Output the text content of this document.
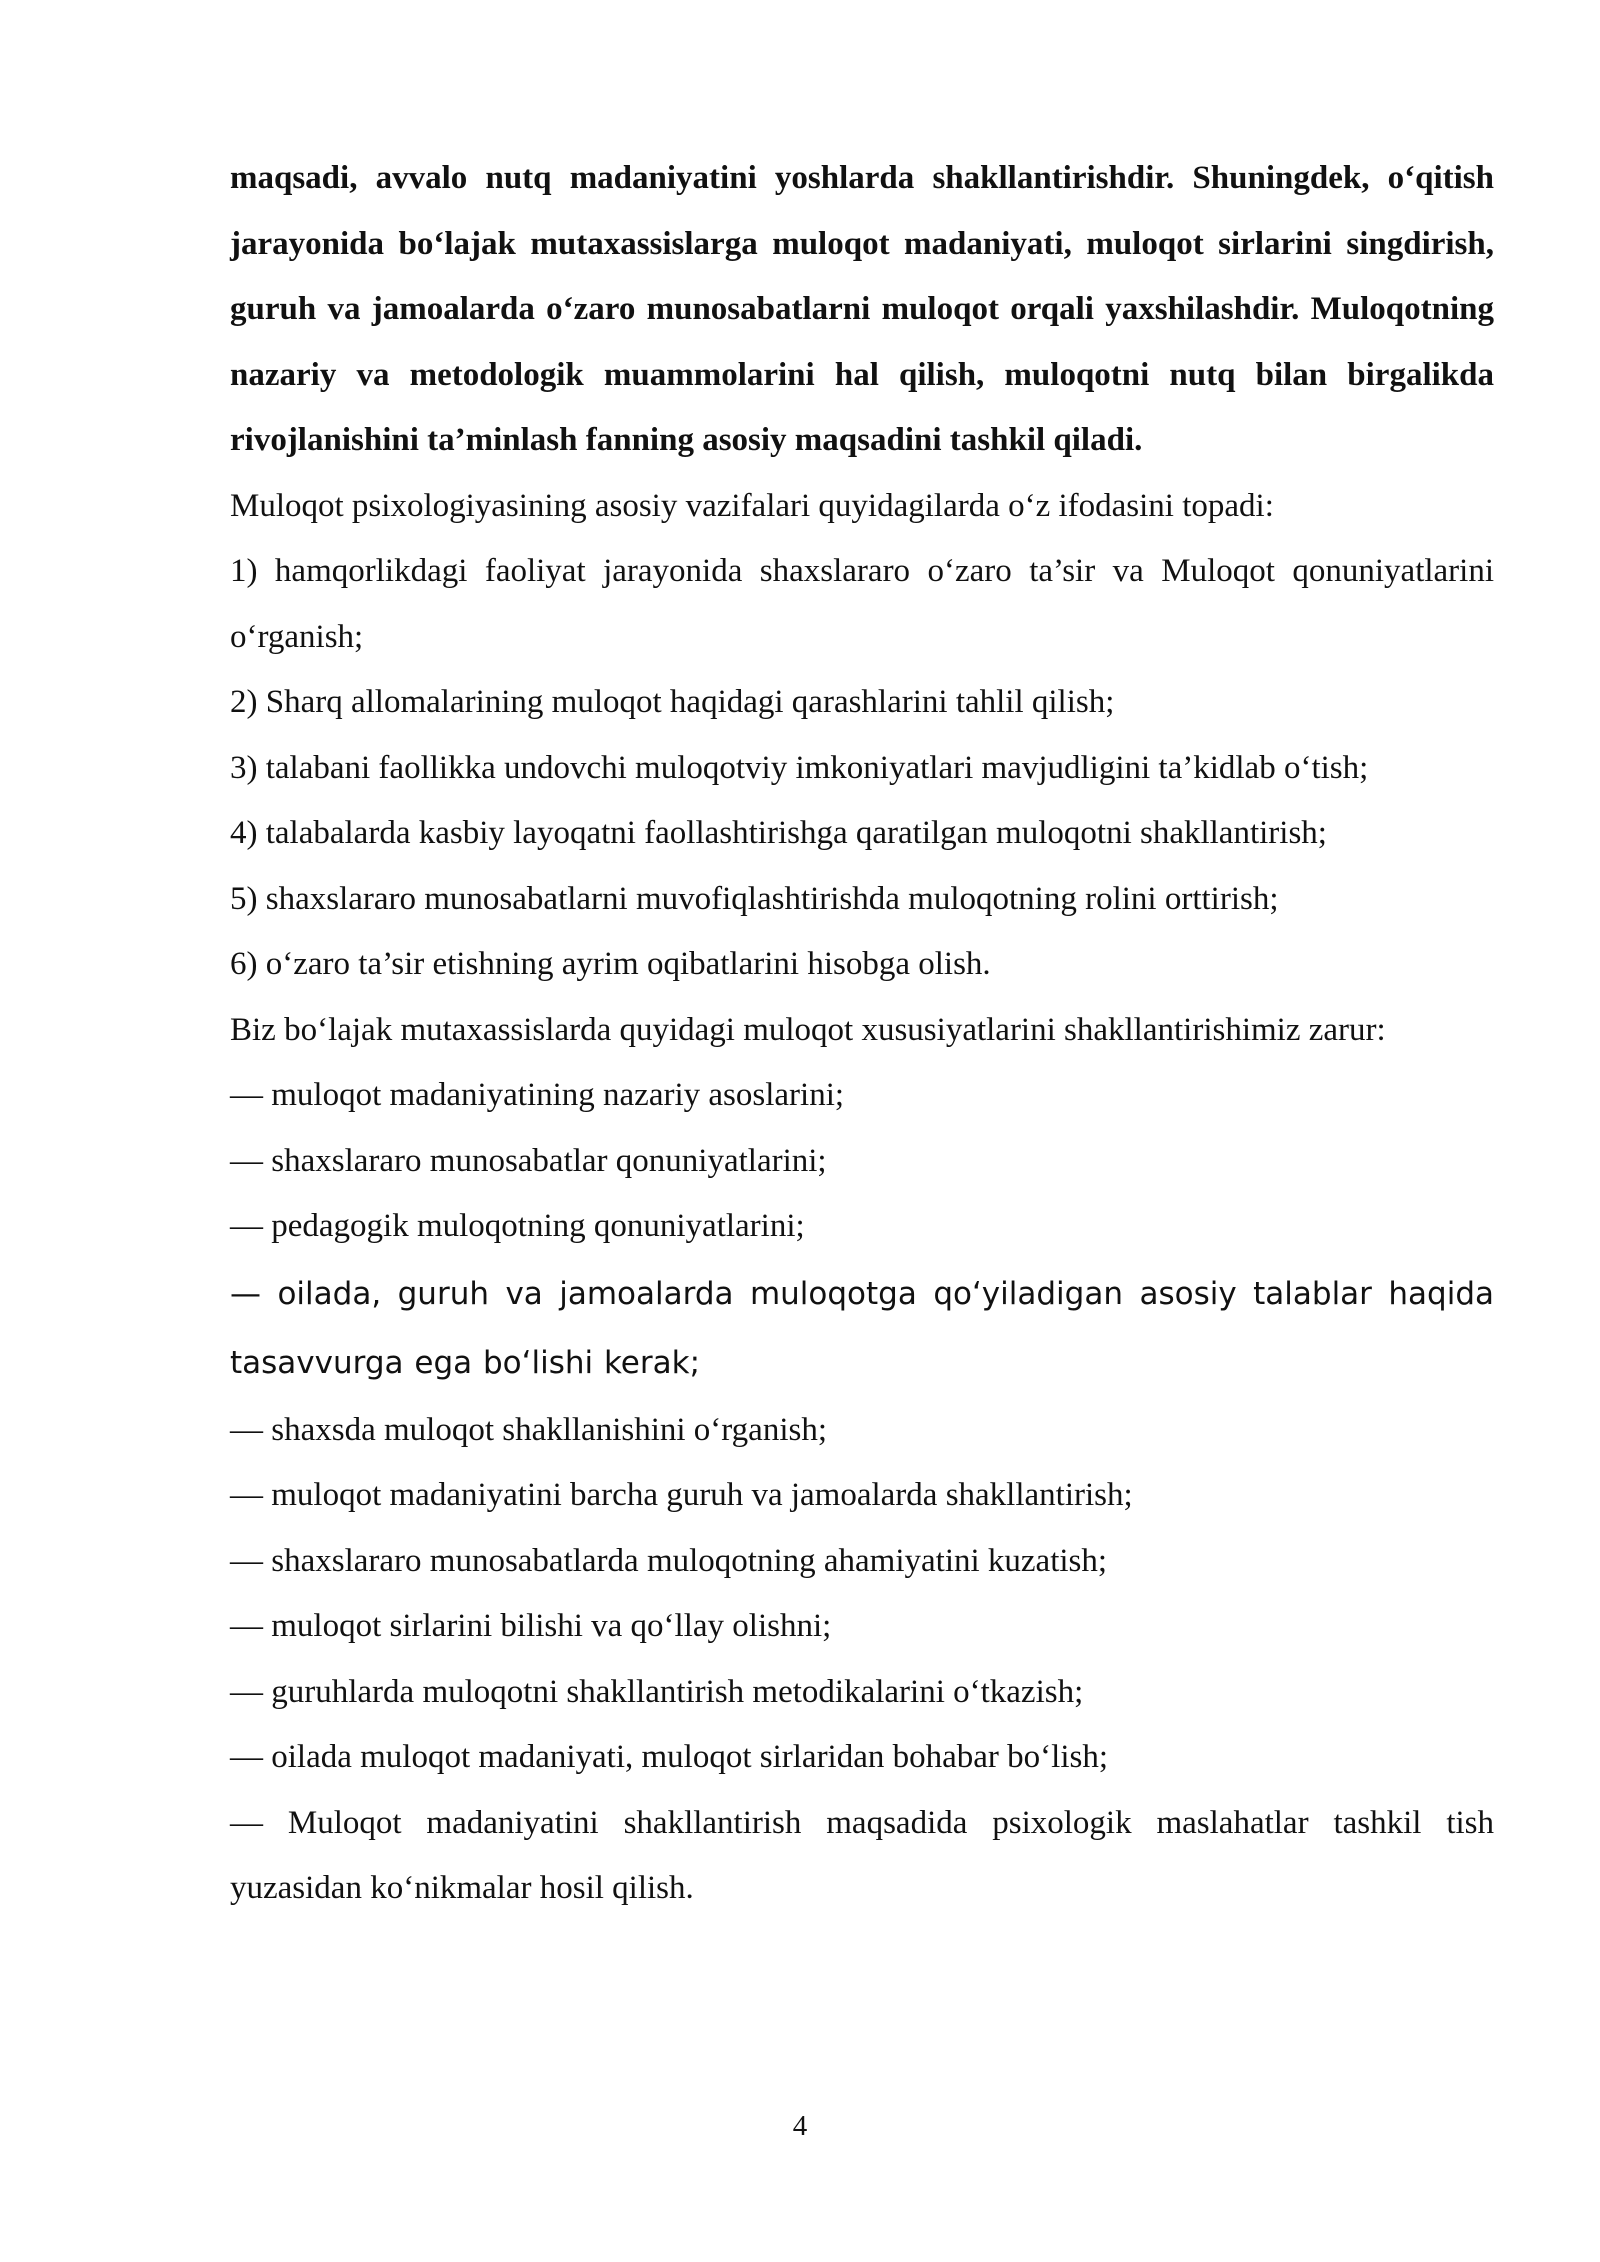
maqsadi, avvalo nutq madaniyatini yoshlarda shakllantirishdir. Shuningdek, o‘qitish jarayonida bo‘lajak mutaxassislarga muloqot madaniyati, muloqot sirlarini singdirish, guruh va jamoalarda o‘zaro munosabatlarni muloqot orqali yaxshilashdir. Muloqotning nazariy va metodologik muammolarini hal qilish, muloqotni nutq bilan birgalikda rivojlanishini ta’minlash fanning asosiy maqsadini tashkil qiladi.

Muloqot psixologiyasining asosiy vazifalari quyidagilarda o‘z ifodasini topadi:

1) hamqorlikdagi faoliyat jarayonida shaxslararo o‘zaro ta’sir va Muloqot qonuniyatlarini o‘rganish;

2) Sharq allomalarining muloqot haqidagi qarashlarini tahlil qilish;

3) talabani faollikka undovchi muloqotviy imkoniyatlari mavjudligini ta’kidlab o‘tish;

4) talabalarda kasbiy layoqatni faollashtirishga qaratilgan muloqotni shakllantirish;

5) shaxslararo munosabatlarni muvofiqlashtirishda muloqotning rolini orttirish;

6) o‘zaro ta’sir etishning ayrim oqibatlarini hisobga olish.

Biz bo‘lajak mutaxassislarda quyidagi muloqot xususiyatlarini shakllantirishimiz zarur:

— muloqot madaniyatining nazariy asoslarini;

— shaxslararo munosabatlar qonuniyatlarini;

— pedagogik muloqotning qonuniyatlarini;

— oilada, guruh va jamoalarda muloqotga qo‘yiladigan asosiy talablar haqida tasavvurga ega bo‘lishi kerak;

— shaxsda muloqot shakllanishini o‘rganish;

— muloqot madaniyatini barcha guruh va jamoalarda shakllantirish;

— shaxslararo munosabatlarda muloqotning ahamiyatini kuzatish;

— muloqot sirlarini bilishi va qo‘llay olishni;

— guruhlarda muloqotni shakllantirish metodikalarini o‘tkazish;

— oilada muloqot madaniyati, muloqot sirlaridan bohabar bo‘lish;

— Muloqot madaniyatini shakllantirish maqsadida psixologik maslahatlar tashkil tish yuzasidan ko‘nikmalar hosil qilish.

4
